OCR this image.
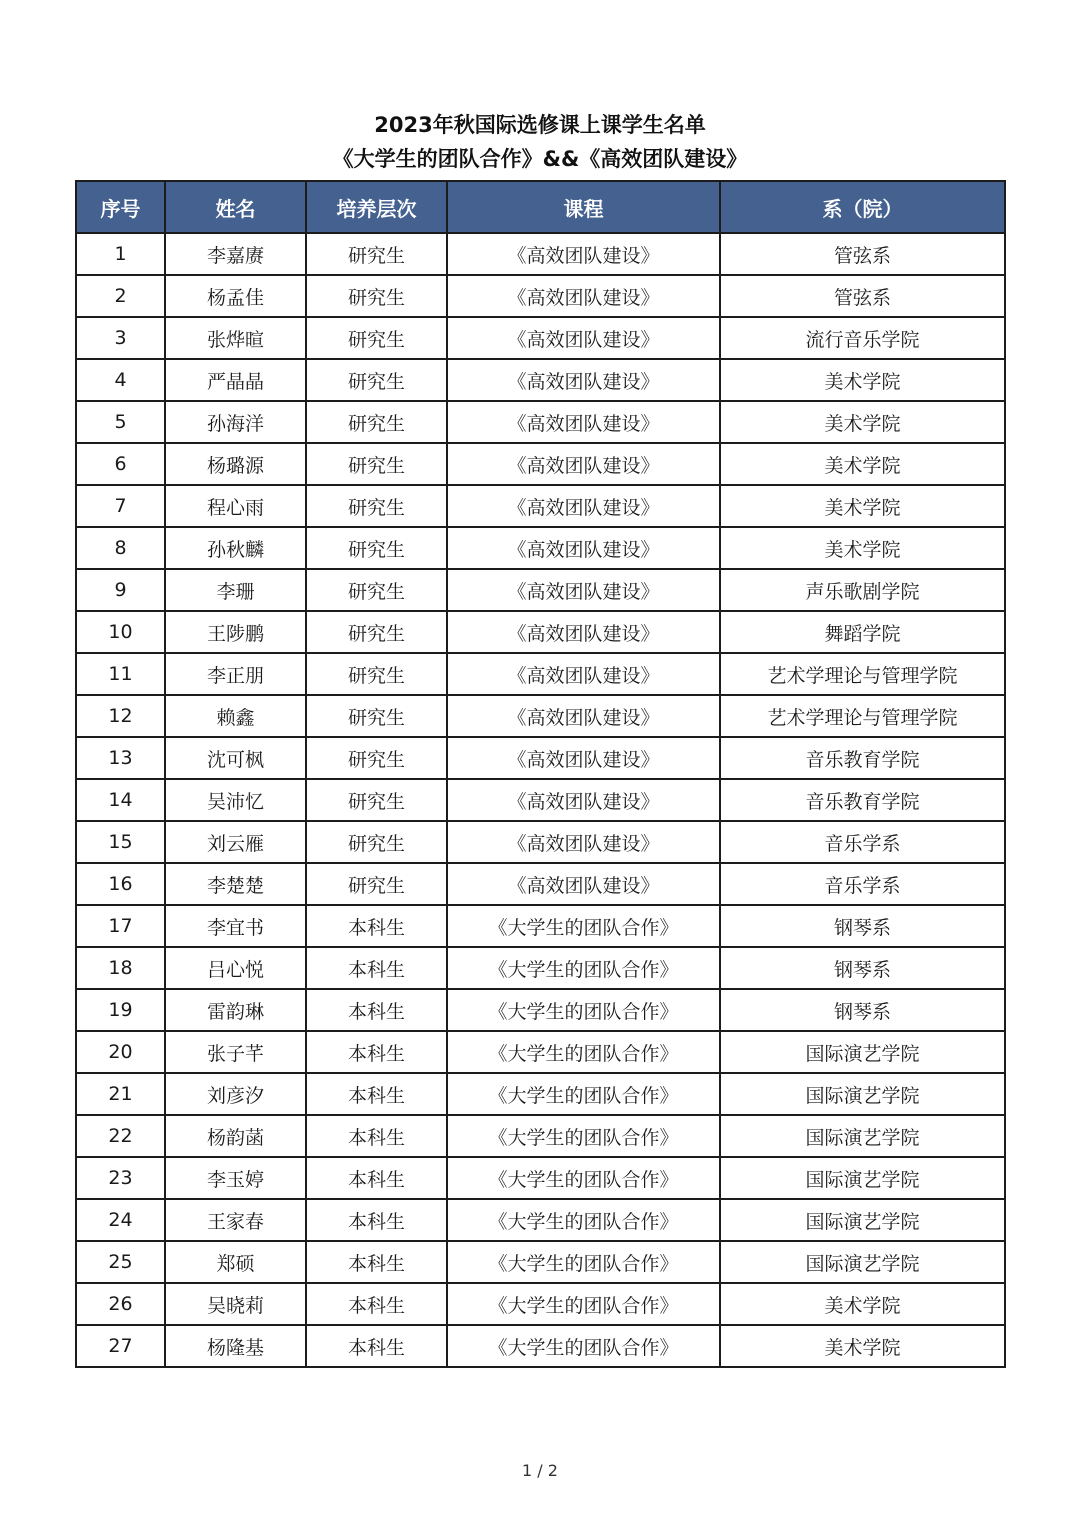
2023年秋国际选修课上课学生名单
《大学生的团队合作》&&《高效团队建设》
序号	姓名	培养层次	课程	系（院）
1	李嘉赓	研究生	《高效团队建设》	管弦系
2	杨孟佳	研究生	《高效团队建设》	管弦系
3	张烨暄	研究生	《高效团队建设》	流行音乐学院
4	严晶晶	研究生	《高效团队建设》	美术学院
5	孙海洋	研究生	《高效团队建设》	美术学院
6	杨璐源	研究生	《高效团队建设》	美术学院
7	程心雨	研究生	《高效团队建设》	美术学院
8	孙秋麟	研究生	《高效团队建设》	美术学院
9	李珊	研究生	《高效团队建设》	声乐歌剧学院
10	王陟鹏	研究生	《高效团队建设》	舞蹈学院
11	李正朋	研究生	《高效团队建设》	艺术学理论与管理学院
12	赖鑫	研究生	《高效团队建设》	艺术学理论与管理学院
13	沈可枫	研究生	《高效团队建设》	音乐教育学院
14	吴沛忆	研究生	《高效团队建设》	音乐教育学院
15	刘云雁	研究生	《高效团队建设》	音乐学系
16	李楚楚	研究生	《高效团队建设》	音乐学系
17	李宜书	本科生	《大学生的团队合作》	钢琴系
18	吕心悦	本科生	《大学生的团队合作》	钢琴系
19	雷韵琳	本科生	《大学生的团队合作》	钢琴系
20	张子芊	本科生	《大学生的团队合作》	国际演艺学院
21	刘彦汐	本科生	《大学生的团队合作》	国际演艺学院
22	杨韵菡	本科生	《大学生的团队合作》	国际演艺学院
23	李玉婷	本科生	《大学生的团队合作》	国际演艺学院
24	王家春	本科生	《大学生的团队合作》	国际演艺学院
25	郑硕	本科生	《大学生的团队合作》	国际演艺学院
26	吴晓莉	本科生	《大学生的团队合作》	美术学院
27	杨隆基	本科生	《大学生的团队合作》	美术学院
1 / 2
